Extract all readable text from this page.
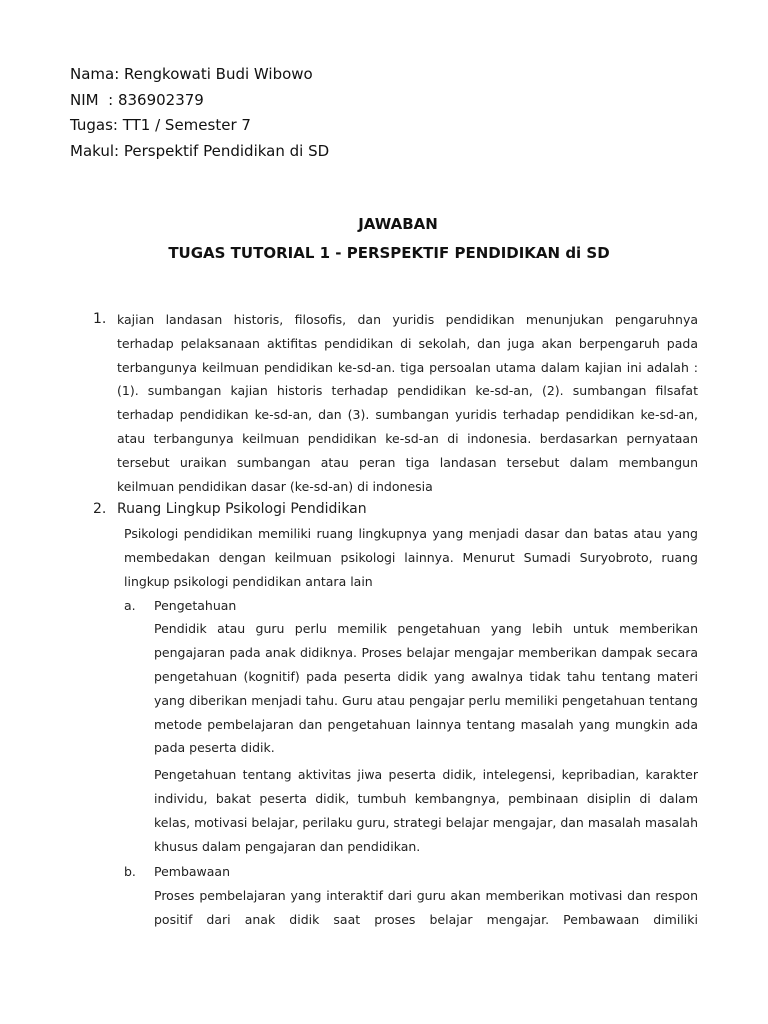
Nama: Rengkowati Budi Wibowo
NIM  : 836902379
Tugas: TT1 / Semester 7
Makul: Perspektif Pendidikan di SD
JAWABAN
TUGAS TUTORIAL 1 - PERSPEKTIF PENDIDIKAN di SD
1. kajian landasan historis, filosofis, dan yuridis pendidikan menunjukan pengaruhnya terhadap pelaksanaan aktifitas pendidikan di sekolah, dan juga akan berpengaruh pada terbangunya keilmuan pendidikan ke-sd-an. tiga persoalan utama dalam kajian ini adalah : (1). sumbangan kajian historis terhadap pendidikan ke-sd-an, (2). sumbangan filsafat terhadap pendidikan ke-sd-an, dan (3). sumbangan yuridis terhadap pendidikan ke-sd-an, atau terbangunya keilmuan pendidikan ke-sd-an di indonesia. berdasarkan pernyataan tersebut uraikan sumbangan atau peran tiga landasan tersebut dalam membangun keilmuan pendidikan dasar (ke-sd-an) di indonesia
2. Ruang Lingkup Psikologi Pendidikan
Psikologi pendidikan memiliki ruang lingkupnya yang menjadi dasar dan batas atau yang membedakan dengan keilmuan psikologi lainnya. Menurut Sumadi Suryobroto, ruang lingkup psikologi pendidikan antara lain
a. Pengetahuan
Pendidik atau guru perlu memilik pengetahuan yang lebih untuk memberikan pengajaran pada anak didiknya. Proses belajar mengajar memberikan dampak secara pengetahuan (kognitif) pada peserta didik yang awalnya tidak tahu tentang materi yang diberikan menjadi tahu. Guru atau pengajar perlu memiliki pengetahuan tentang metode pembelajaran dan pengetahuan lainnya tentang masalah yang mungkin ada pada peserta didik.
Pengetahuan tentang aktivitas jiwa peserta didik, intelegensi, kepribadian, karakter individu, bakat peserta didik, tumbuh kembangnya, pembinaan disiplin di dalam kelas, motivasi belajar, perilaku guru, strategi belajar mengajar, dan masalah masalah khusus dalam pengajaran dan pendidikan.
b. Pembawaan
Proses pembelajaran yang interaktif dari guru akan memberikan motivasi dan respon positif dari anak didik saat proses belajar mengajar. Pembawaan dimiliki
